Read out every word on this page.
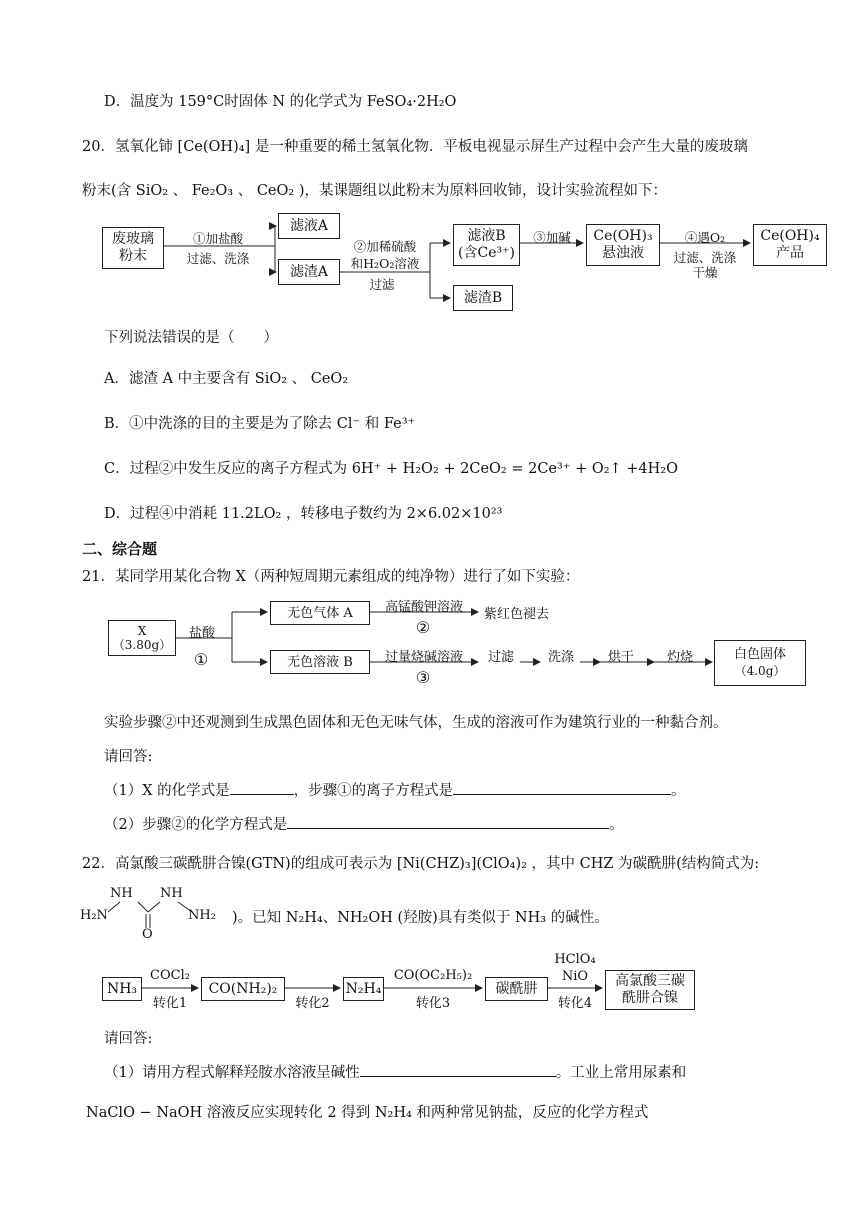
D．温度为 159°C时固体 N 的化学式为 FeSO₄·2H₂O
20．氢氧化铈 [Ce(OH)₄] 是一种重要的稀土氢氧化物．平板电视显示屏生产过程中会产生大量的废玻璃
粉末(含 SiO₂ 、 Fe₂O₃ 、 CeO₂ )，某课题组以此粉末为原料回收铈，设计实验流程如下：
废玻璃粉末
①加盐酸
过滤、洗涤
滤液A
滤渣A
②加稀硫酸
和H₂O₂溶液
过滤
滤液B
(含Ce³⁺)
滤渣B
③加碱	Ce(OH)₃
悬浊液
④遇O₂
过滤、洗涤
干燥
Ce(OH)₄
产品
下列说法错误的是（　　）
A．滤渣 A 中主要含有 SiO₂ 、 CeO₂
B．①中洗涤的目的主要是为了除去 Cl⁻ 和 Fe³⁺
C．过程②中发生反应的离子方程式为 6H⁺ + H₂O₂ + 2CeO₂ = 2Ce³⁺ + O₂↑ +4H₂O
D．过程④中消耗 11.2LO₂ ，转移电子数约为 2×6.02×10²³
二、综合题
21．某同学用某化合物 X（两种短周期元素组成的纯净物）进行了如下实验：
X
（3.80g）
盐酸
①
无色气体 A
无色溶液 B
高锰酸钾溶液
②
紫红色褪去
过量烧碱溶液
③
过滤	洗涤	烘干	灼烧	白色固体
（4.0g）
实验步骤②中还观测到生成黑色固体和无色无味气体，生成的溶液可作为建筑行业的一种黏合剂。
请回答:
（1）X 的化学式是	，步骤①的离子方程式是	。
（2）步骤②的化学方程式是	。
22．高氯酸三碳酰肼合镍(GTN)的组成可表示为 [Ni(CHZ)₃](ClO₄)₂ ，其中 CHZ 为碳酰肼(结构简式为:
NH NH
H₂N	NH₂
O
)。已知 N₂H₄、NH₂OH (羟胺)具有类似于 NH₃ 的碱性。
NH₃
COCl₂
转化1
CO(NH₂)₂
转化2
N₂H₄
CO(OC₂H₅)₂
转化3
碳酰肼
HClO₄
NiO
转化4
高氯酸三碳
酰肼合镍
请回答:
（1）请用方程式解释羟胺水溶液呈碱性	。工业上常用尿素和
NaClO − NaOH 溶液反应实现转化 2 得到 N₂H₄ 和两种常见钠盐，反应的化学方程式
